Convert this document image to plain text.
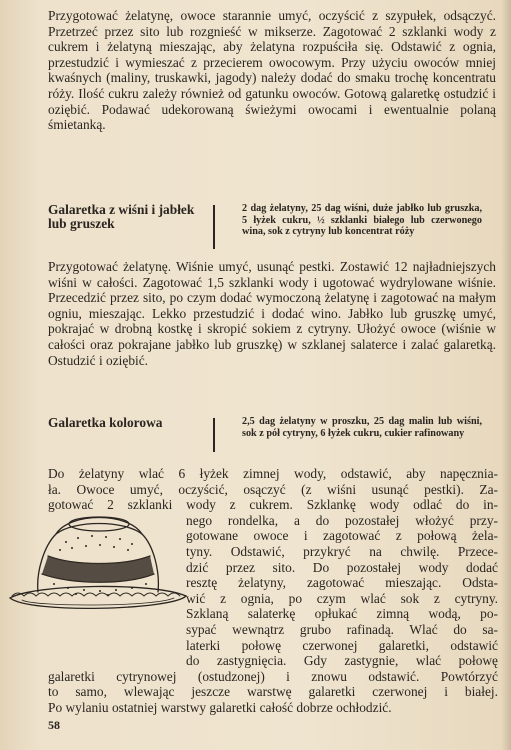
Przygotować żelatynę, owoce starannie umyć, oczyścić z szypułek, odsączyć. Przetrzeć przez sito lub rozgnieść w mikserze. Zagotować 2 szklanki wody z cukrem i żelatyną mieszając, aby żelatyna rozpuściła się. Odstawić z ognia, przestudzić i wymieszać z przecierem owocowym. Przy użyciu owoców mniej kwaśnych (maliny, truskawki, jagody) należy dodać do smaku trochę koncentratu róży. Ilość cukru zależy również od gatunku owoców. Gotową galaretkę ostudzić i oziębić. Podawać udekorowaną świeżymi owocami i ewentualnie polaną śmietanką.

Galaretka z wiśni i jabłek lub gruszek

2 dag żelatyny, 25 dag wiśni, duże jabłko lub gruszka, 5 łyżek cukru, ½ szklanki białego lub czerwonego wina, sok z cytryny lub koncentrat róży

Przygotować żelatynę. Wiśnie umyć, usunąć pestki. Zostawić 12 najładniejszych wiśni w całości. Zagotować 1,5 szklanki wody i ugotować wydrylowane wiśnie. Przecedzić przez sito, po czym dodać wymoczoną żelatynę i zagotować na małym ogniu, mieszając. Lekko przestudzić i dodać wino. Jabłko lub gruszkę umyć, pokrajać w drobną kostkę i skropić sokiem z cytryny. Ułożyć owoce (wiśnie w całości oraz pokrajane jabłko lub gruszkę) w szklanej salaterce i zalać galaretką. Ostudzić i oziębić.

Galaretka kolorowa	2,5 dag żelatyny w proszku, 25 dag malin lub wiśni, sok z pół cytryny, 6 łyżek cukru, cukier rafinowany

Do żelatyny wlać 6 łyżek zimnej wody, odstawić, aby napęcznia-
ła. Owoce umyć, oczyścić, osączyć (z wiśni usunąć pestki). Za-
gotować 2 szklanki wody z cukrem. Szklankę wody odlać do in-
nego rondelka, a do pozostałej włożyć przy-
gotowane owoce i zagotować z połową żela-
tyny. Odstawić, przykryć na chwilę. Przece-
dzić przez sito. Do pozostałej wody dodać
resztę żelatyny, zagotować mieszając. Odsta-
wić z ognia, po czym wlać sok z cytryny.
Szklaną salaterkę opłukać zimną wodą, po-
sypać wewnątrz grubo rafinadą. Wlać do sa-
laterki połowę czerwonej galaretki, odstawić
do zastygnięcia. Gdy zastygnie, wlać połowę
galaretki cytrynowej (ostudzonej) i znowu odstawić. Powtórzyć
to samo, wlewając jeszcze warstwę galaretki czerwonej i białej.
Po wylaniu ostatniej warstwy galaretki całość dobrze ochłodzić.
58
